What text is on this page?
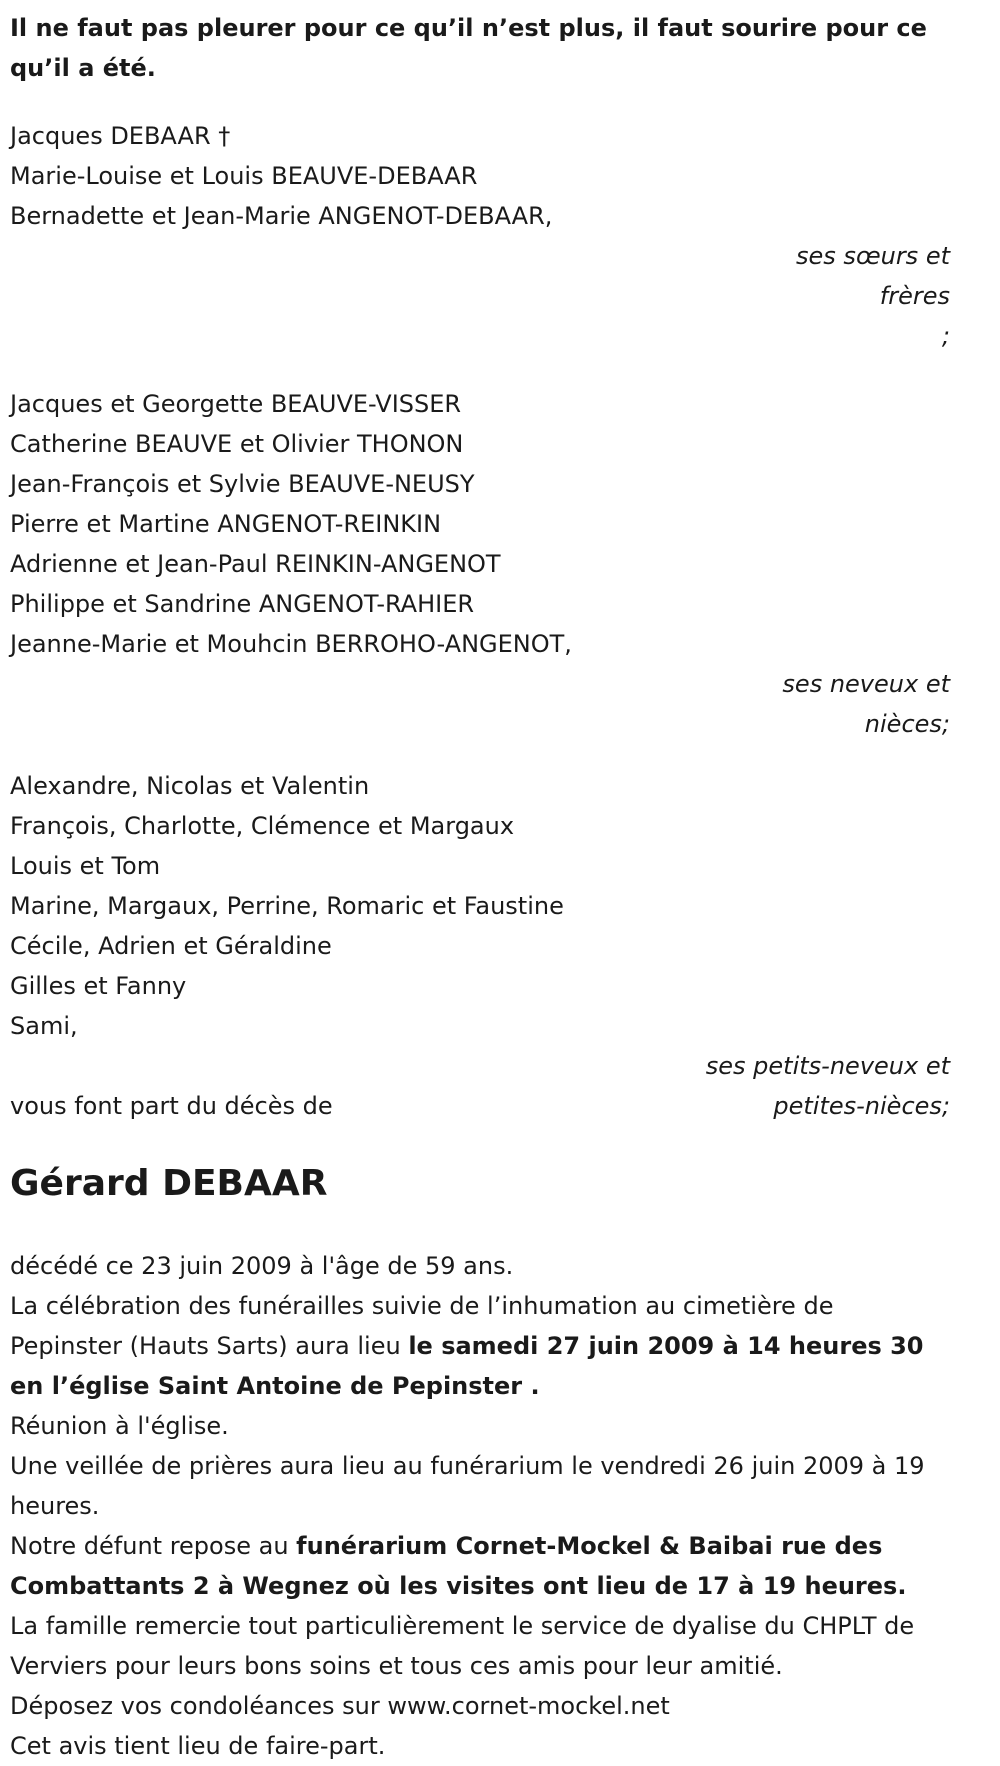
Il ne faut pas pleurer pour ce qu’il n’est plus, il faut sourire pour ce qu’il a été.
Jacques DEBAAR †
Marie-Louise et Louis BEAUVE-DEBAAR
Bernadette et Jean-Marie ANGENOT-DEBAAR,
ses sœurs et frères
;
Jacques et Georgette BEAUVE-VISSER
Catherine BEAUVE et Olivier THONON
Jean-François et Sylvie BEAUVE-NEUSY
Pierre et Martine ANGENOT-REINKIN
Adrienne et Jean-Paul REINKIN-ANGENOT
Philippe et Sandrine ANGENOT-RAHIER
Jeanne-Marie et Mouhcin BERROHO-ANGENOT,
ses neveux et
nièces;
Alexandre, Nicolas et Valentin
François, Charlotte, Clémence et Margaux
Louis et Tom
Marine, Margaux, Perrine, Romaric et Faustine
Cécile, Adrien et Géraldine
Gilles et Fanny
Sami,
ses petits-neveux et
petites-nièces;
vous font part du décès de
Gérard DEBAAR
décédé ce 23 juin 2009 à l'âge de 59 ans.
La célébration des funérailles suivie de l’inhumation au cimetière de Pepinster (Hauts Sarts) aura lieu le samedi 27 juin 2009 à 14 heures 30 en l’église Saint Antoine de Pepinster .
Réunion à l'église.
Une veillée de prières aura lieu au funérarium le vendredi 26 juin 2009 à 19 heures.
Notre défunt repose au funérarium Cornet-Mockel & Baibai rue des Combattants 2 à Wegnez où les visites ont lieu de 17 à 19 heures.
La famille remercie tout particulièrement le service de dyalise du CHPLT de Verviers pour leurs bons soins et tous ces amis pour leur amitié.
Déposez vos condoléances sur www.cornet-mockel.net
Cet avis tient lieu de faire-part.
